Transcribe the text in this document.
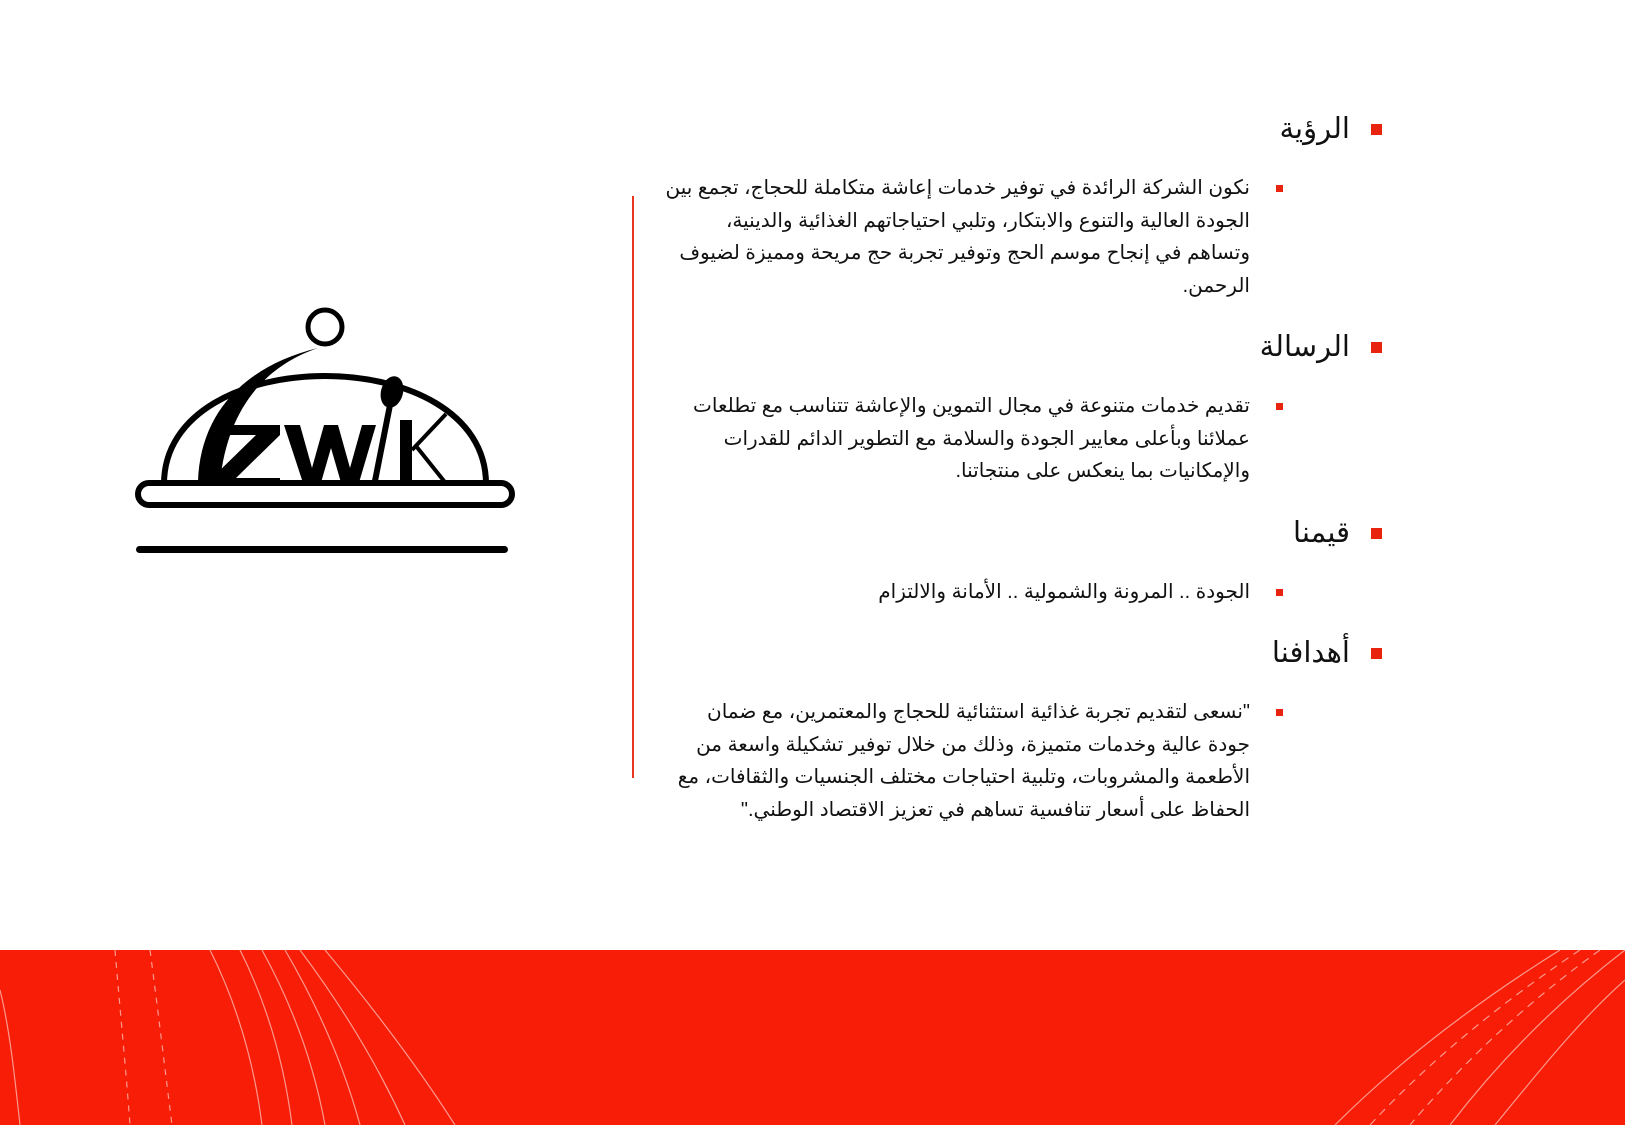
الرؤية
نكون الشركة الرائدة في توفير خدمات إعاشة متكاملة للحجاج، تجمع بين الجودة العالية والتنوع والابتكار، وتلبي احتياجاتهم الغذائية والدينية، وتساهم في إنجاح موسم الحج وتوفير تجربة حج مريحة ومميزة لضيوف الرحمن.
الرسالة
تقديم خدمات متنوعة في مجال التموين والإعاشة تتناسب مع تطلعات عملائنا وبأعلى معايير الجودة والسلامة مع التطوير الدائم للقدرات والإمكانيات بما ينعكس على منتجاتنا.
قيمنا
الجودة .. المرونة والشمولية .. الأمانة والالتزام
أهدافنا
"نسعى لتقديم تجربة غذائية استثنائية للحجاج والمعتمرين، مع ضمان جودة عالية وخدمات متميزة، وذلك من خلال توفير تشكيلة واسعة من الأطعمة والمشروبات، وتلبية احتياجات مختلف الجنسيات والثقافات، مع الحفاظ على أسعار تنافسية تساهم في تعزيز الاقتصاد الوطني."
